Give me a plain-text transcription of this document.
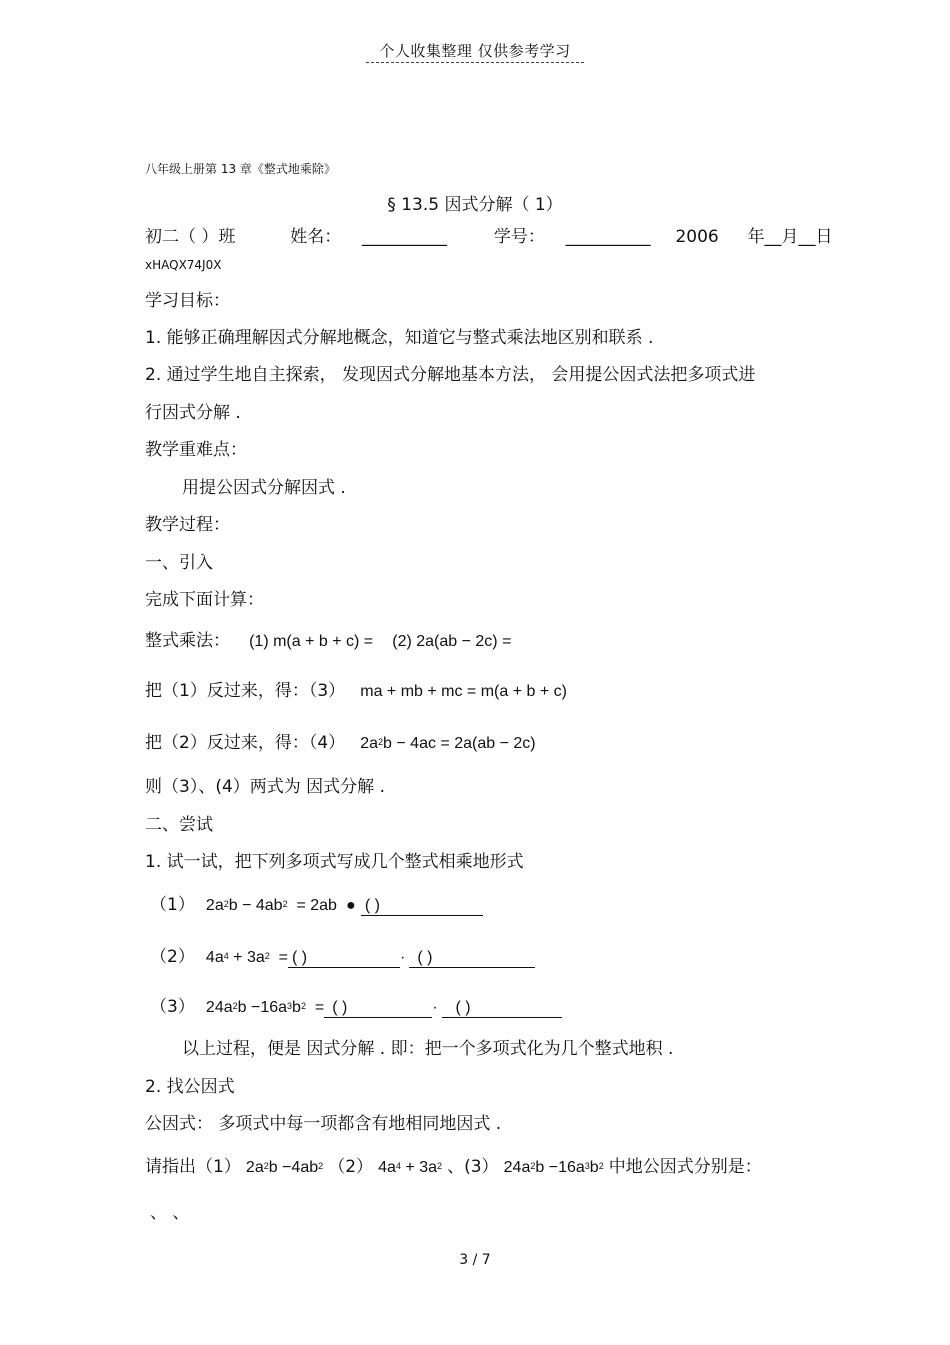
个人收集整理 仅供参考学习
八年级上册第 13 章《整式地乘除》
§ 13.5 因式分解（ 1）
初二（ ）班	姓名： __________	学号： __________ 2006 年__月__日
xHAQX74J0X
学习目标：
1. 能够正确理解因式分解地概念，知道它与整式乘法地区别和联系 .
2. 通过学生地自主探索， 发现因式分解地基本方法， 会用提公因式法把多项式进
行因式分解 .
教学重难点：
用提公因式分解因式 .
教学过程：
一、引入
完成下面计算：
整式乘法： (1) m(a + b + c) = (2) 2a(ab − 2c) =
把（1）反过来，得：（3） ma + mb + mc = m(a + b + c)
把（2）反过来，得：（4） $2a^2b - 4ac = 2a(ab - 2c)$
则（3）、(4）两式为 因式分解 .
二、尝试
1. 试一试，把下列多项式写成几个整式相乘地形式
（1） $2a^2b - 4ab^2 = 2ab$ ● ( )
（2） $4a^4 + 3a^2$  = ( )	· ( )
（3） $24a^2b -16a^3b^2$  = ( )	· ( )
以上过程，便是 因式分解 . 即：把一个多项式化为几个整式地积 .
2. 找公因式
公因式： 多项式中每一项都含有地相同地因式 .
请指出（1） $2a^2b -4ab^2$ （2） $4a^4 + 3a^2$ 、(3） $24a^2b -16a^3b^2$ 中地公因式分别是：
、 、
3 / 7
